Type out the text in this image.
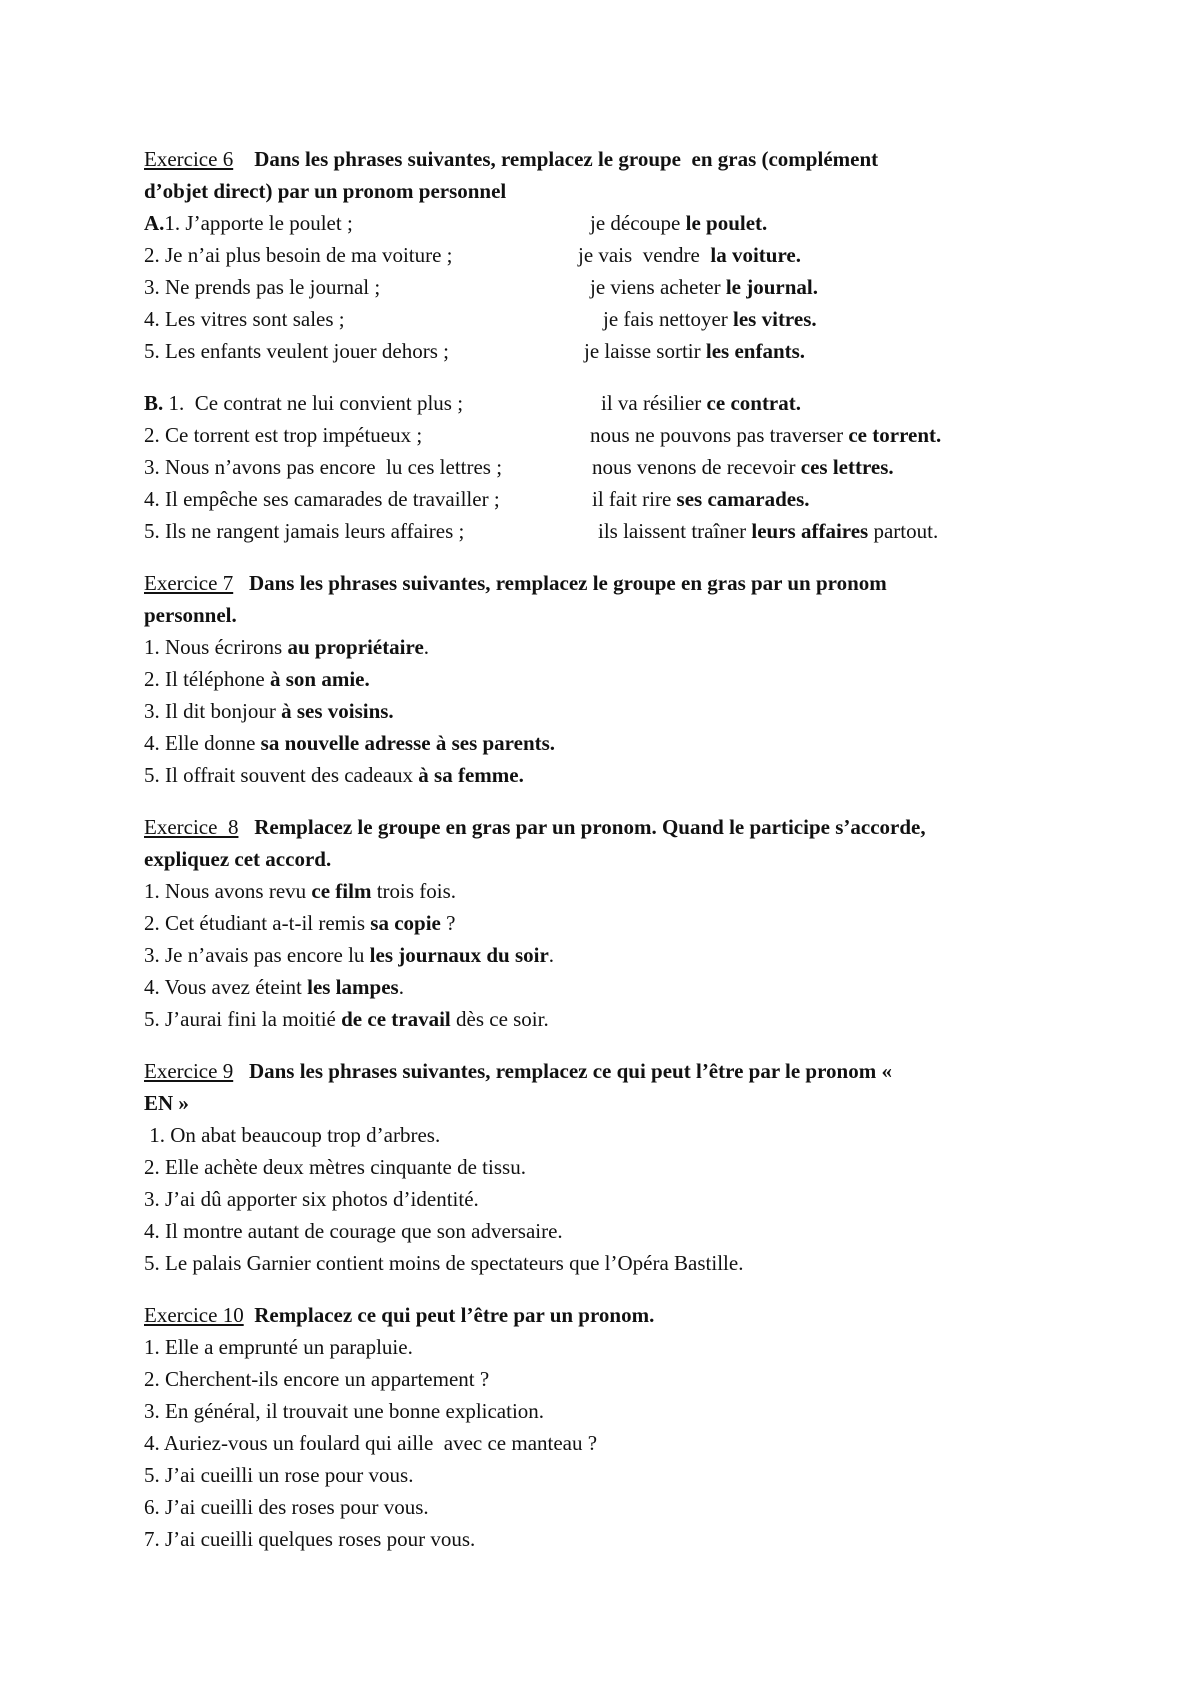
Exercice 6 Dans les phrases suivantes, remplacez le groupe  en gras (complément
d’objet direct) par un pronom personnel
A.1. J’apporte le poulet ;	je découpe le poulet.
2. Je n’ai plus besoin de ma voiture ;	je vais  vendre  la voiture.
3. Ne prends pas le journal ;	je viens acheter le journal.
4. Les vitres sont sales ;	je fais nettoyer les vitres.
5. Les enfants veulent jouer dehors ;	je laisse sortir les enfants.
B. 1.  Ce contrat ne lui convient plus ;	il va résilier ce contrat.
2. Ce torrent est trop impétueux ;	nous ne pouvons pas traverser ce torrent.
3. Nous n’avons pas encore  lu ces lettres ;	nous venons de recevoir ces lettres.
4. Il empêche ses camarades de travailler ;	il fait rire ses camarades.
5. Ils ne rangent jamais leurs affaires ;	ils laissent traîner leurs affaires partout.
Exercice 7 Dans les phrases suivantes, remplacez le groupe en gras par un pronom
personnel.
1. Nous écrirons au propriétaire.
2. Il téléphone à son amie.
3. Il dit bonjour à ses voisins.
4. Elle donne sa nouvelle adresse à ses parents.
5. Il offrait souvent des cadeaux à sa femme.
Exercice  8 Remplacez le groupe en gras par un pronom. Quand le participe s’accorde,
expliquez cet accord.
1. Nous avons revu ce film trois fois.
2. Cet étudiant a-t-il remis sa copie ?
3. Je n’avais pas encore lu les journaux du soir.
4. Vous avez éteint les lampes.
5. J’aurai fini la moitié de ce travail dès ce soir.
Exercice 9 Dans les phrases suivantes, remplacez ce qui peut l’être par le pronom «
EN »
1. On abat beaucoup trop d’arbres.
2. Elle achète deux mètres cinquante de tissu.
3. J’ai dû apporter six photos d’identité.
4. Il montre autant de courage que son adversaire.
5. Le palais Garnier contient moins de spectateurs que l’Opéra Bastille.
Exercice 10 Remplacez ce qui peut l’être par un pronom.
1. Elle a emprunté un parapluie.
2. Cherchent-ils encore un appartement ?
3. En général, il trouvait une bonne explication.
4. Auriez-vous un foulard qui aille  avec ce manteau ?
5. J’ai cueilli un rose pour vous.
6. J’ai cueilli des roses pour vous.
7. J’ai cueilli quelques roses pour vous.
